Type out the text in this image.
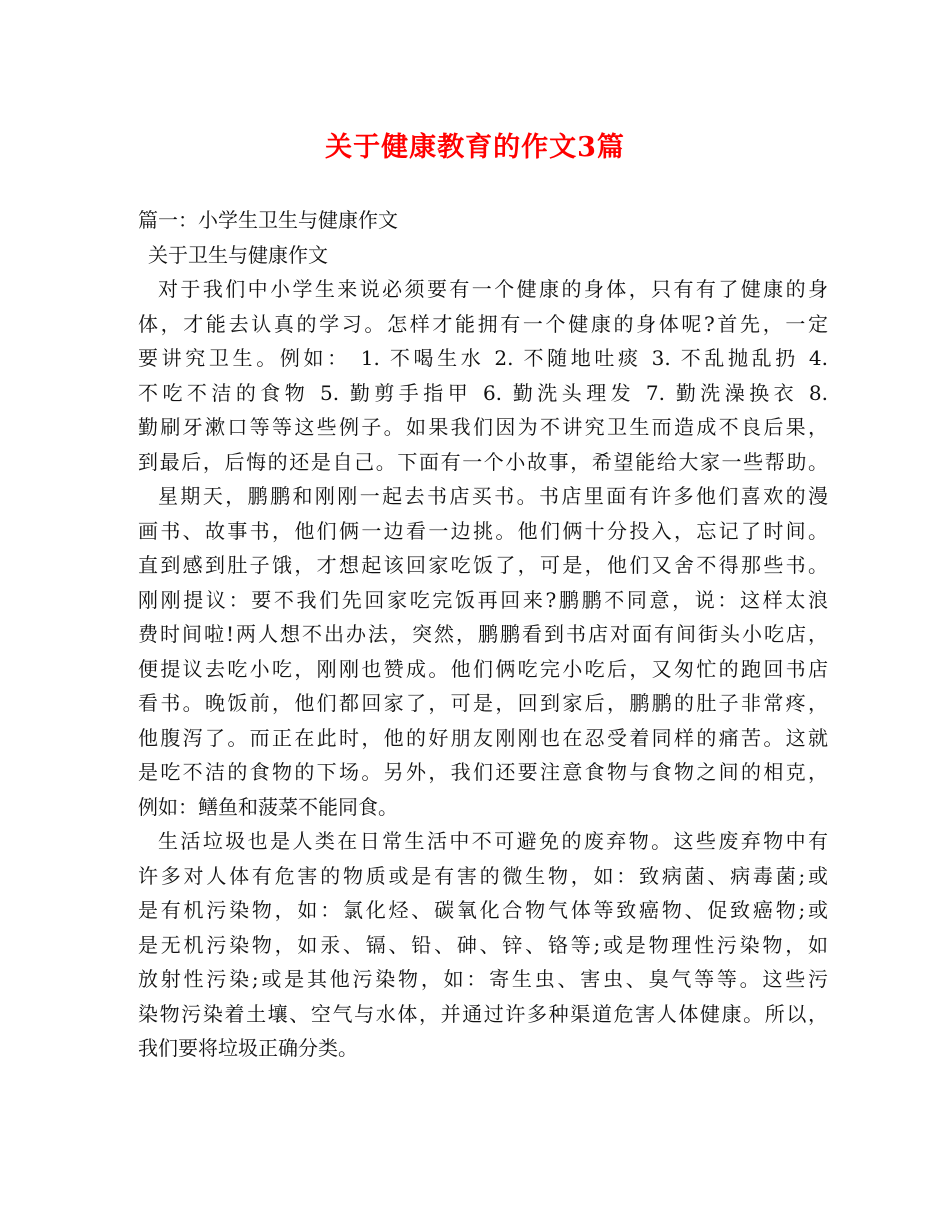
关于健康教育的作文3篇
篇一：小学生卫生与健康作文
关于卫生与健康作文
对于我们中小学生来说必须要有一个健康的身体，只有有了健康的身
体，才能去认真的学习。怎样才能拥有一个健康的身体呢?首先，一定
要讲究卫生。例如： 1. 不喝生水 2. 不随地吐痰 3. 不乱抛乱扔 4.
不吃不洁的食物 5. 勤剪手指甲 6. 勤洗头理发 7. 勤洗澡换衣 8.
勤刷牙漱口等等这些例子。如果我们因为不讲究卫生而造成不良后果，
到最后，后悔的还是自己。下面有一个小故事，希望能给大家一些帮助。
星期天，鹏鹏和刚刚一起去书店买书。书店里面有许多他们喜欢的漫
画书、故事书，他们俩一边看一边挑。他们俩十分投入，忘记了时间。
直到感到肚子饿，才想起该回家吃饭了，可是，他们又舍不得那些书。
刚刚提议：要不我们先回家吃完饭再回来?鹏鹏不同意，说：这样太浪
费时间啦!两人想不出办法，突然，鹏鹏看到书店对面有间街头小吃店，
便提议去吃小吃，刚刚也赞成。他们俩吃完小吃后，又匆忙的跑回书店
看书。晚饭前，他们都回家了，可是，回到家后，鹏鹏的肚子非常疼，
他腹泻了。而正在此时，他的好朋友刚刚也在忍受着同样的痛苦。这就
是吃不洁的食物的下场。另外，我们还要注意食物与食物之间的相克，
例如：鳝鱼和菠菜不能同食。
生活垃圾也是人类在日常生活中不可避免的废弃物。这些废弃物中有
许多对人体有危害的物质或是有害的微生物，如：致病菌、病毒菌;或
是有机污染物，如：氯化烃、碳氧化合物气体等致癌物、促致癌物;或
是无机污染物，如汞、镉、铅、砷、锌、铬等;或是物理性污染物，如
放射性污染;或是其他污染物，如：寄生虫、害虫、臭气等等。这些污
染物污染着土壤、空气与水体，并通过许多种渠道危害人体健康。所以，
我们要将垃圾正确分类。
